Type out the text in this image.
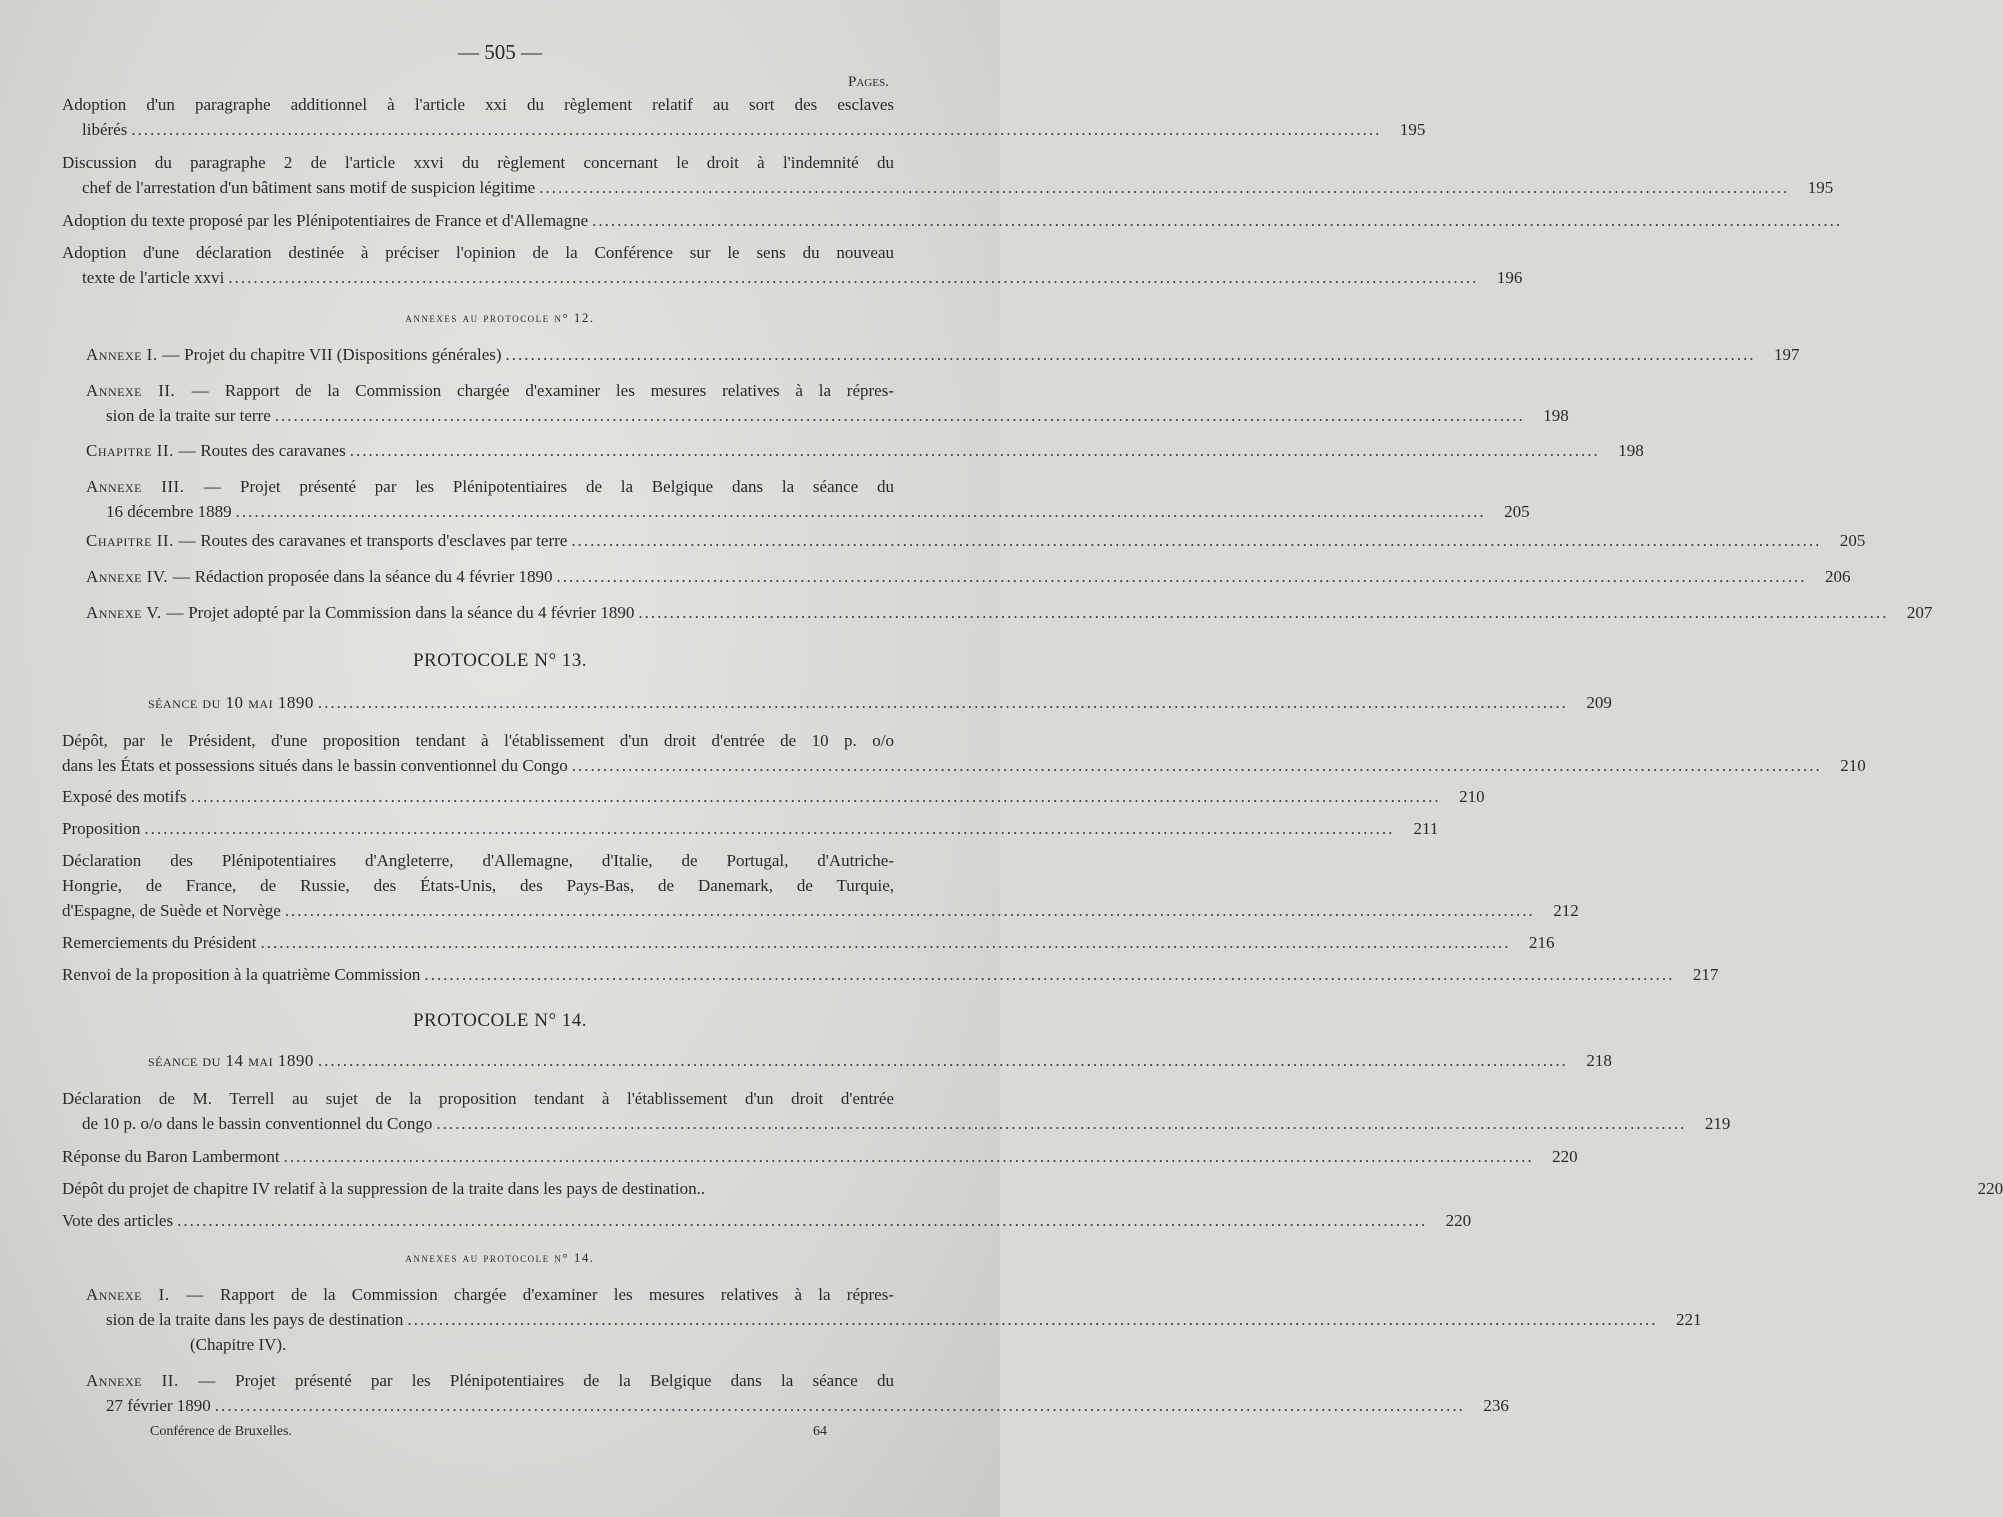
— 505 —
Pages.
Adoption d'un paragraphe additionnel à l'article xxi du règlement relatif au sort des esclaves
libérés ........................................................................................................................................................................................................	195
Discussion du paragraphe 2 de l'article xxvi du règlement concernant le droit à l'indemnité du
chef de l'arrestation d'un bâtiment sans motif de suspicion légitime ........................................................................................................................................................................................................	195
Adoption du texte proposé par les Plénipotentiaires de France et d'Allemagne ........................................................................................................................................................................................................
Adoption d'une déclaration destinée à préciser l'opinion de la Conférence sur le sens du nouveau
texte de l'article xxvi ........................................................................................................................................................................................................	196
annexes au protocole n° 12.
Annexe I. — Projet du chapitre VII (Dispositions générales) ........................................................................................................................................................................................................	197
Annexe II. — Rapport de la Commission chargée d'examiner les mesures relatives à la répres-
sion de la traite sur terre ........................................................................................................................................................................................................	198
Chapitre II. — Routes des caravanes ........................................................................................................................................................................................................	198
Annexe III. — Projet présenté par les Plénipotentiaires de la Belgique dans la séance du
16 décembre 1889 ........................................................................................................................................................................................................	205
Chapitre II. — Routes des caravanes et transports d'esclaves par terre ........................................................................................................................................................................................................	205
Annexe IV. — Rédaction proposée dans la séance du 4 février 1890 ........................................................................................................................................................................................................	206
Annexe V. — Projet adopté par la Commission dans la séance du 4 février 1890 ........................................................................................................................................................................................................	207
PROTOCOLE N° 13.
séance du 10 mai 1890 ........................................................................................................................................................................................................	209
Dépôt, par le Président, d'une proposition tendant à l'établissement d'un droit d'entrée de 10 p. o/o
dans les États et possessions situés dans le bassin conventionnel du Congo ........................................................................................................................................................................................................	210
Exposé des motifs ........................................................................................................................................................................................................	210
Proposition ........................................................................................................................................................................................................	211
Déclaration des Plénipotentiaires d'Angleterre, d'Allemagne, d'Italie, de Portugal, d'Autriche-
Hongrie, de France, de Russie, des États-Unis, des Pays-Bas, de Danemark, de Turquie,
d'Espagne, de Suède et Norvège ........................................................................................................................................................................................................	212
Remerciements du Président ........................................................................................................................................................................................................	216
Renvoi de la proposition à la quatrième Commission ........................................................................................................................................................................................................	217
PROTOCOLE N° 14.
séance du 14 mai 1890 ........................................................................................................................................................................................................	218
Déclaration de M. Terrell au sujet de la proposition tendant à l'établissement d'un droit d'entrée
de 10 p. o/o dans le bassin conventionnel du Congo ........................................................................................................................................................................................................	219
Réponse du Baron Lambermont ........................................................................................................................................................................................................	220
Dépôt du projet de chapitre IV relatif à la suppression de la traite dans les pays de destination..	220
Vote des articles ........................................................................................................................................................................................................	220
annexes au protocole n° 14.
Annexe I. — Rapport de la Commission chargée d'examiner les mesures relatives à la répres-
sion de la traite dans les pays de destination ........................................................................................................................................................................................................	221
(Chapitre IV).
Annexe II. — Projet présenté par les Plénipotentiaires de la Belgique dans la séance du
27 février 1890 ........................................................................................................................................................................................................	236
Conférence de Bruxelles.	64
